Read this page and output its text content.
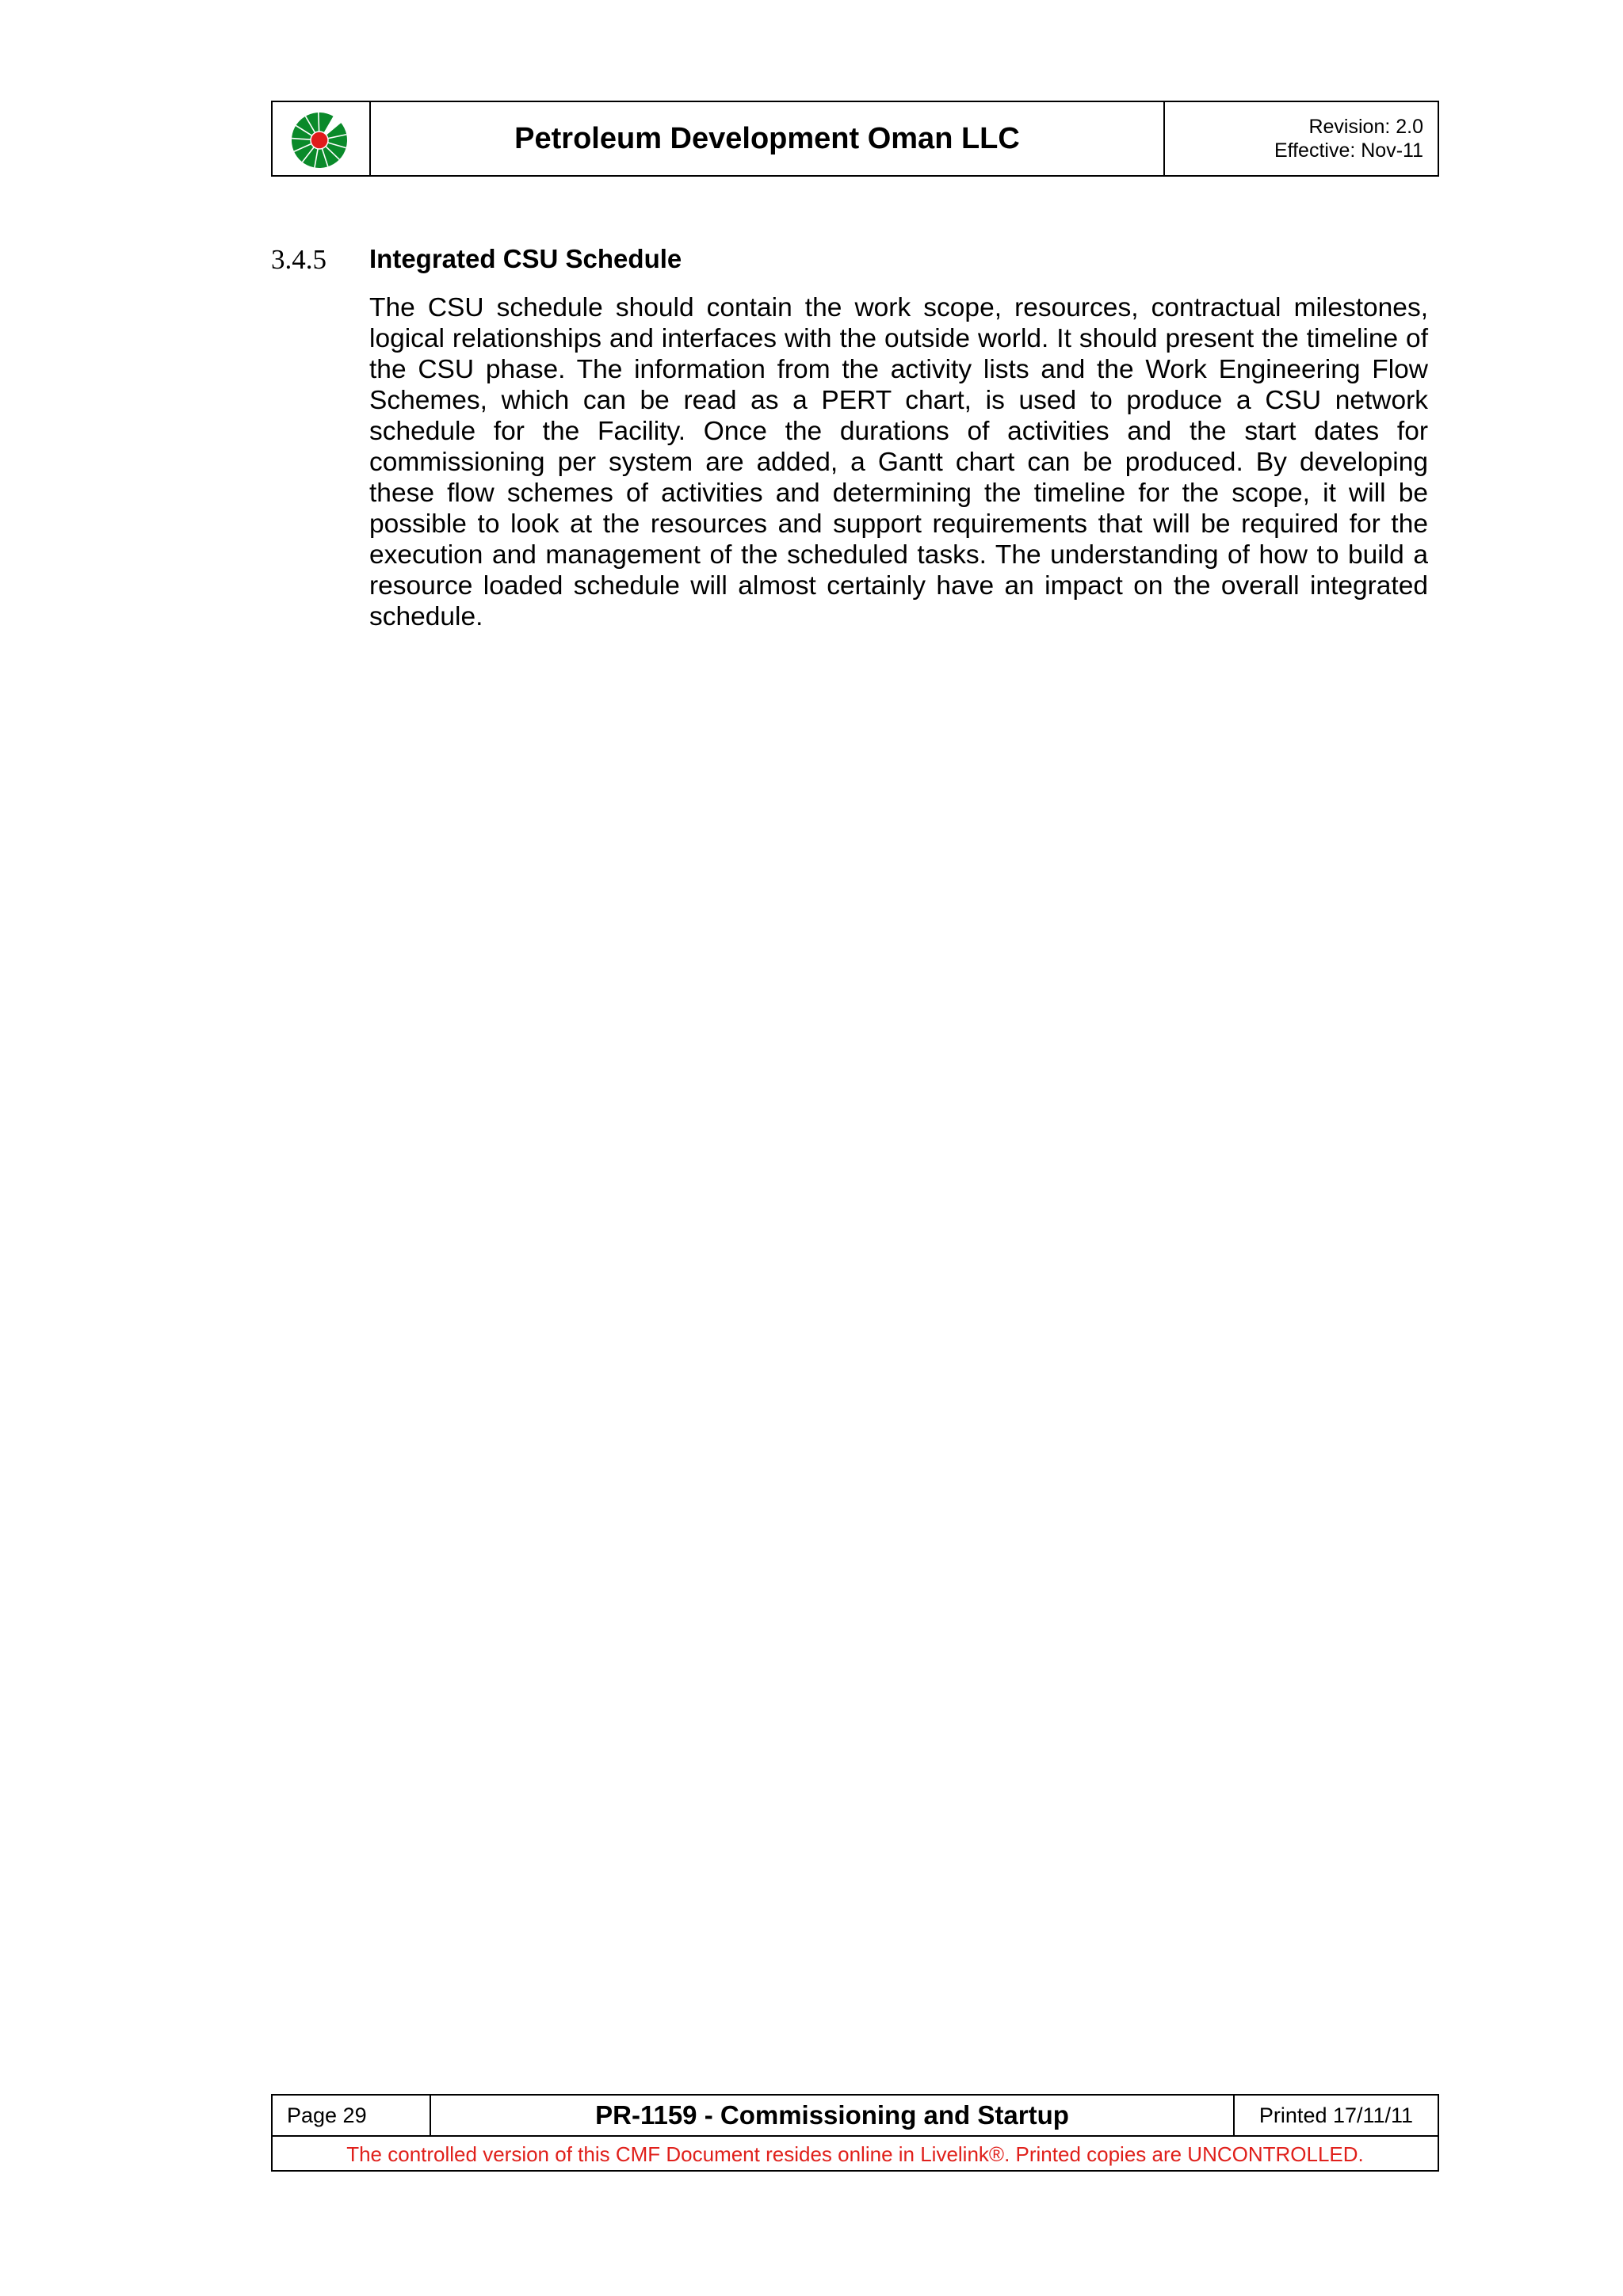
Petroleum Development Oman LLC	Revision: 2.0
Effective: Nov-11
3.4.5 Integrated CSU Schedule

The CSU schedule should contain the work scope, resources, contractual milestones, logical relationships and interfaces with the outside world. It should present the timeline of the CSU phase. The information from the activity lists and the Work Engineering Flow Schemes, which can be read as a PERT chart, is used to produce a CSU network schedule for the Facility. Once the durations of activities and the start dates for commissioning per system are added, a Gantt chart can be produced. By developing these flow schemes of activities and determining the timeline for the scope, it will be possible to look at the resources and support requirements that will be required for the execution and management of the scheduled tasks. The understanding of how to build a resource loaded schedule will almost certainly have an impact on the overall integrated schedule.

Page 29	PR-1159 - Commissioning and Startup	Printed 17/11/11
The controlled version of this CMF Document resides online in Livelink®. Printed copies are UNCONTROLLED.
